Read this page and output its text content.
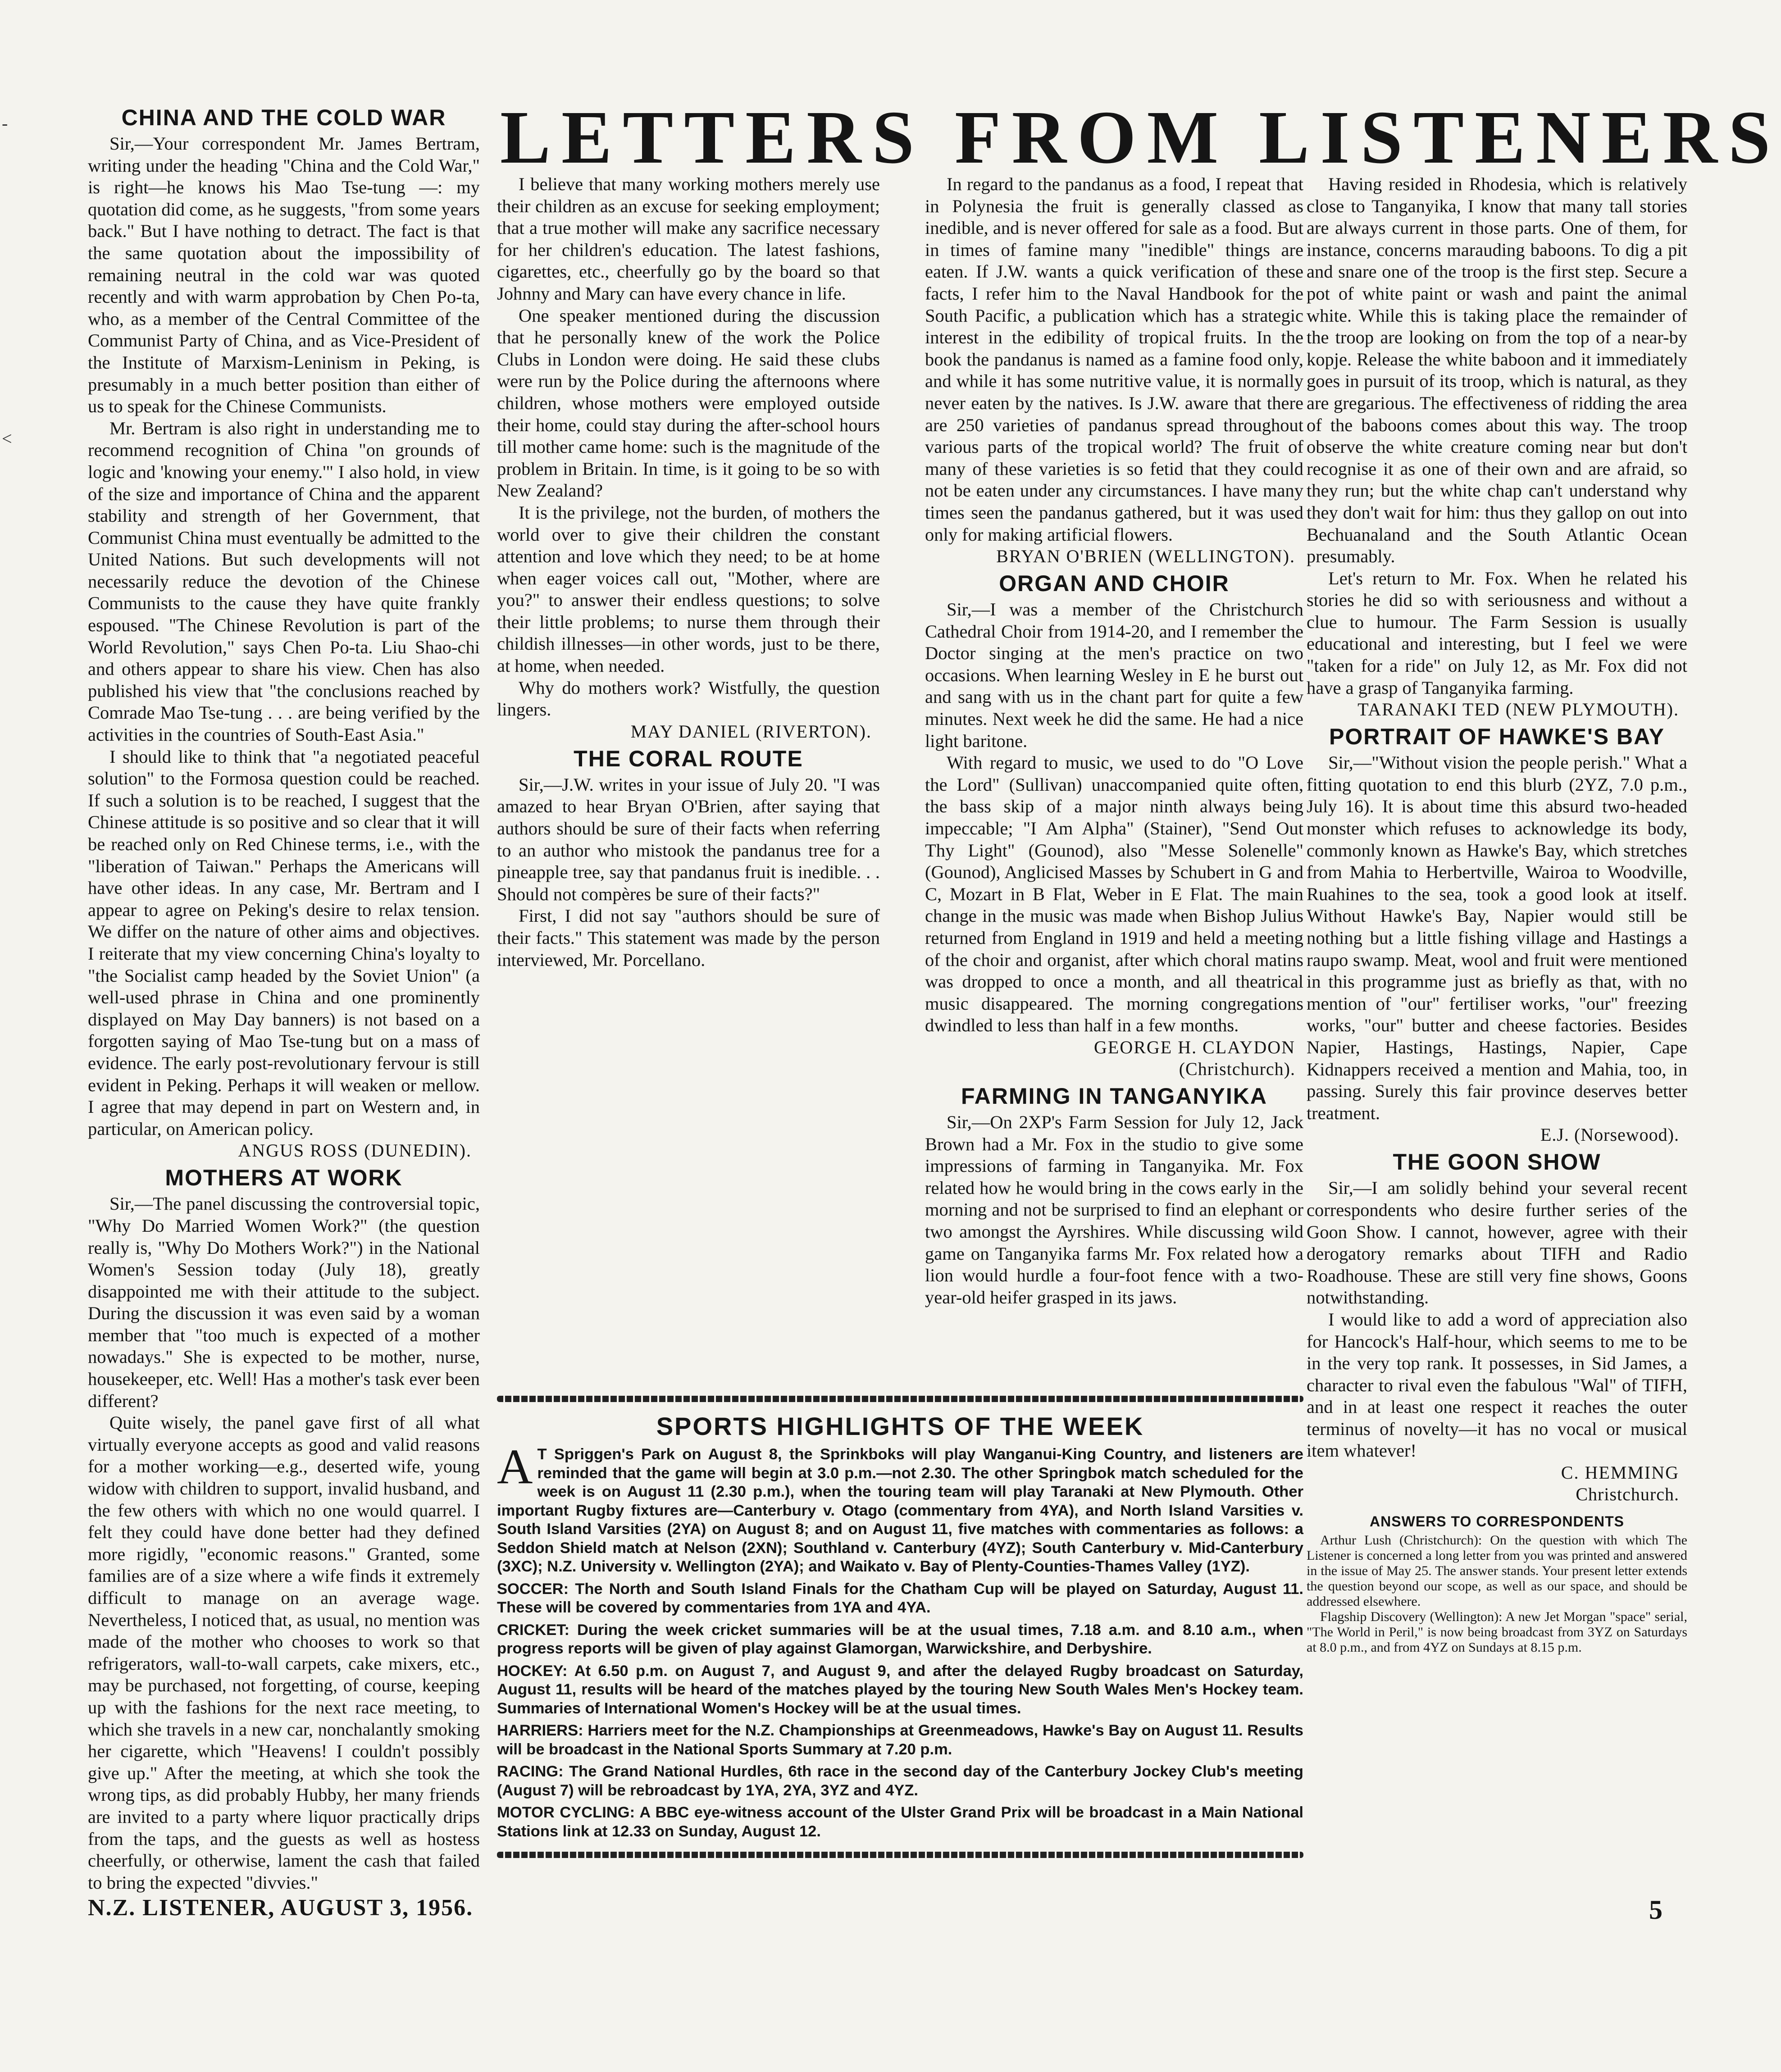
LETTERS FROM LISTENERS
CHINA AND THE COLD WAR

Sir,—Your correspondent Mr. James Bertram, writing under the heading "China and the Cold War," is right—he knows his Mao Tse-tung —: my quotation did come, as he suggests, "from some years back." But I have nothing to detract. The fact is that the same quotation about the impossibility of remaining neutral in the cold war was quoted recently and with warm approbation by Chen Po-ta, who, as a member of the Central Committee of the Communist Party of China, and as Vice-President of the Institute of Marxism-Leninism in Peking, is presumably in a much better position than either of us to speak for the Chinese Communists.

Mr. Bertram is also right in understanding me to recommend recognition of China "on grounds of logic and 'knowing your enemy.'" I also hold, in view of the size and importance of China and the apparent stability and strength of her Government, that Communist China must eventually be admitted to the United Nations. But such developments will not necessarily reduce the devotion of the Chinese Communists to the cause they have quite frankly espoused. "The Chinese Revolution is part of the World Revolution," says Chen Po-ta. Liu Shao-chi and others appear to share his view. Chen has also published his view that "the conclusions reached by Comrade Mao Tse-tung . . . are being verified by the activities in the countries of South-East Asia."

I should like to think that "a negotiated peaceful solution" to the Formosa question could be reached. If such a solution is to be reached, I suggest that the Chinese attitude is so positive and so clear that it will be reached only on Red Chinese terms, i.e., with the "liberation of Taiwan." Perhaps the Americans will have other ideas. In any case, Mr. Bertram and I appear to agree on Peking's desire to relax tension. We differ on the nature of other aims and objectives. I reiterate that my view concerning China's loyalty to "the Socialist camp headed by the Soviet Union" (a well-used phrase in China and one prominently displayed on May Day banners) is not based on a forgotten saying of Mao Tse-tung but on a mass of evidence. The early post-revolutionary fervour is still evident in Peking. Perhaps it will weaken or mellow. I agree that may depend in part on Western and, in particular, on American policy.

ANGUS ROSS (DUNEDIN).
MOTHERS AT WORK

Sir,—The panel discussing the controversial topic, "Why Do Married Women Work?" (the question really is, "Why Do Mothers Work?") in the National Women's Session today (July 18), greatly disappointed me with their attitude to the subject. During the discussion it was even said by a woman member that "too much is expected of a mother nowadays." She is expected to be mother, nurse, housekeeper, etc. Well! Has a mother's task ever been different?

Quite wisely, the panel gave first of all what virtually everyone accepts as good and valid reasons for a mother working—e.g., deserted wife, young widow with children to support, invalid husband, and the few others with which no one would quarrel. I felt they could have done better had they defined more rigidly, "economic reasons." Granted, some families are of a size where a wife finds it extremely difficult to manage on an average wage. Nevertheless, I noticed that, as usual, no mention was made of the mother who chooses to work so that refrigerators, wall-to-wall carpets, cake mixers, etc., may be purchased, not forgetting, of course, keeping up with the fashions for the next race meeting, to which she travels in a new car, nonchalantly smoking her cigarette, which "Heavens! I couldn't possibly give up." After the meeting, at which she took the wrong tips, as did probably Hubby, her many friends are invited to a party where liquor practically drips from the taps, and the guests as well as hostess cheerfully, or otherwise, lament the cash that failed to bring the expected "divvies."

I believe that many working mothers merely use their children as an excuse for seeking employment; that a true mother will make any sacrifice necessary for her children's education. The latest fashions, cigarettes, etc., cheerfully go by the board so that Johnny and Mary can have every chance in life.

One speaker mentioned during the discussion that he personally knew of the work the Police Clubs in London were doing. He said these clubs were run by the Police during the afternoons where children, whose mothers were employed outside their home, could stay during the after-school hours till mother came home: such is the magnitude of the problem in Britain. In time, is it going to be so with New Zealand?

It is the privilege, not the burden, of mothers the world over to give their children the constant attention and love which they need; to be at home when eager voices call out, "Mother, where are you?" to answer their endless questions; to solve their little problems; to nurse them through their childish illnesses—in other words, just to be there, at home, when needed.

Why do mothers work? Wistfully, the question lingers.

MAY DANIEL (RIVERTON).
THE CORAL ROUTE

Sir,—J.W. writes in your issue of July 20. "I was amazed to hear Bryan O'Brien, after saying that authors should be sure of their facts when referring to an author who mistook the pandanus tree for a pineapple tree, say that pandanus fruit is inedible. . . Should not compères be sure of their facts?"

First, I did not say "authors should be sure of their facts." This statement was made by the person interviewed, Mr. Porcellano.

In regard to the pandanus as a food, I repeat that in Polynesia the fruit is generally classed as inedible, and is never offered for sale as a food. But in times of famine many "inedible" things are eaten. If J.W. wants a quick verification of these facts, I refer him to the Naval Handbook for the South Pacific, a publication which has a strategic interest in the edibility of tropical fruits. In the book the pandanus is named as a famine food only, and while it has some nutritive value, it is normally never eaten by the natives. Is J.W. aware that there are 250 varieties of pandanus spread throughout various parts of the tropical world? The fruit of many of these varieties is so fetid that they could not be eaten under any circumstances. I have many times seen the pandanus gathered, but it was used only for making artificial flowers.

BRYAN O'BRIEN (WELLINGTON).
ORGAN AND CHOIR

Sir,—I was a member of the Christchurch Cathedral Choir from 1914-20, and I remember the Doctor singing at the men's practice on two occasions. When learning Wesley in E he burst out and sang with us in the chant part for quite a few minutes. Next week he did the same. He had a nice light baritone.

With regard to music, we used to do "O Love the Lord" (Sullivan) unaccompanied quite often, the bass skip of a major ninth always being impeccable; "I Am Alpha" (Stainer), "Send Out Thy Light" (Gounod), also "Messe Solenelle" (Gounod), Anglicised Masses by Schubert in G and C, Mozart in B Flat, Weber in E Flat. The main change in the music was made when Bishop Julius returned from England in 1919 and held a meeting of the choir and organist, after which choral matins was dropped to once a month, and all theatrical music disappeared. The morning congregations dwindled to less than half in a few months.

GEORGE H. CLAYDON
(Christchurch).
FARMING IN TANGANYIKA

Sir,—On 2XP's Farm Session for July 12, Jack Brown had a Mr. Fox in the studio to give some impressions of farming in Tanganyika. Mr. Fox related how he would bring in the cows early in the morning and not be surprised to find an elephant or two amongst the Ayrshires. While discussing wild game on Tanganyika farms Mr. Fox related how a lion would hurdle a four-foot fence with a two-year-old heifer grasped in its jaws.

Having resided in Rhodesia, which is relatively close to Tanganyika, I know that many tall stories are always current in those parts. One of them, for instance, concerns marauding baboons. To dig a pit and snare one of the troop is the first step. Secure a pot of white paint or wash and paint the animal white. While this is taking place the remainder of the troop are looking on from the top of a near-by kopje. Release the white baboon and it immediately goes in pursuit of its troop, which is natural, as they are gregarious. The effectiveness of ridding the area of the baboons comes about this way. The troop observe the white creature coming near but don't recognise it as one of their own and are afraid, so they run; but the white chap can't understand why they don't wait for him: thus they gallop on out into Bechuanaland and the South Atlantic Ocean presumably.

Let's return to Mr. Fox. When he related his stories he did so with seriousness and without a clue to humour. The Farm Session is usually educational and interesting, but I feel we were "taken for a ride" on July 12, as Mr. Fox did not have a grasp of Tanganyika farming.

TARANAKI TED (NEW PLYMOUTH).
PORTRAIT OF HAWKE'S BAY

Sir,—"Without vision the people perish." What a fitting quotation to end this blurb (2YZ, 7.0 p.m., July 16). It is about time this absurd two-headed monster which refuses to acknowledge its body, commonly known as Hawke's Bay, which stretches from Mahia to Herbertville, Wairoa to Woodville, Ruahines to the sea, took a good look at itself. Without Hawke's Bay, Napier would still be nothing but a little fishing village and Hastings a raupo swamp. Meat, wool and fruit were mentioned in this programme just as briefly as that, with no mention of "our" fertiliser works, "our" freezing works, "our" butter and cheese factories. Besides Napier, Hastings, Hastings, Napier, Cape Kidnappers received a mention and Mahia, too, in passing. Surely this fair province deserves better treatment.

E.J. (Norsewood).
THE GOON SHOW

Sir,—I am solidly behind your several recent correspondents who desire further series of the Goon Show. I cannot, however, agree with their derogatory remarks about TIFH and Radio Roadhouse. These are still very fine shows, Goons notwithstanding.

I would like to add a word of appreciation also for Hancock's Half-hour, which seems to me to be in the very top rank. It possesses, in Sid James, a character to rival even the fabulous "Wal" of TIFH, and in at least one respect it reaches the outer terminus of novelty—it has no vocal or musical item whatever!

C. HEMMING
Christchurch.
ANSWERS TO CORRESPONDENTS

Arthur Lush (Christchurch): On the question with which The Listener is concerned a long letter from you was printed and answered in the issue of May 25. The answer stands. Your present letter extends the question beyond our scope, as well as our space, and should be addressed elsewhere.

Flagship Discovery (Wellington): A new Jet Morgan "space" serial, "The World in Peril," is now being broadcast from 3YZ on Saturdays at 8.0 p.m., and from 4YZ on Sundays at 8.15 p.m.

SPORTS HIGHLIGHTS OF THE WEEK

A T Spriggen's Park on August 8, the Sprinkboks will play Wanganui-King Country, and listeners are reminded that the game will begin at 3.0 p.m.—not 2.30. The other Springbok match scheduled for the week is on August 11 (2.30 p.m.), when the touring team will play Taranaki at New Plymouth. Other important Rugby fixtures are—Canterbury v. Otago (commentary from 4YA), and North Island Varsities v. South Island Varsities (2YA) on August 8; and on August 11, five matches with commentaries as follows: a Seddon Shield match at Nelson (2XN); Southland v. Canterbury (4YZ); South Canterbury v. Mid-Canterbury (3XC); N.Z. University v. Wellington (2YA); and Waikato v. Bay of Plenty-Counties-Thames Valley (1YZ).

SOCCER: The North and South Island Finals for the Chatham Cup will be played on Saturday, August 11. These will be covered by commentaries from 1YA and 4YA.

CRICKET: During the week cricket summaries will be at the usual times, 7.18 a.m. and 8.10 a.m., when progress reports will be given of play against Glamorgan, Warwickshire, and Derbyshire.

HOCKEY: At 6.50 p.m. on August 7, and August 9, and after the delayed Rugby broadcast on Saturday, August 11, results will be heard of the matches played by the touring New South Wales Men's Hockey team. Summaries of International Women's Hockey will be at the usual times.

HARRIERS: Harriers meet for the N.Z. Championships at Greenmeadows, Hawke's Bay on August 11. Results will be broadcast in the National Sports Summary at 7.20 p.m.

RACING: The Grand National Hurdles, 6th race in the second day of the Canterbury Jockey Club's meeting (August 7) will be rebroadcast by 1YA, 2YA, 3YZ and 4YZ.

MOTOR CYCLING: A BBC eye-witness account of the Ulster Grand Prix will be broadcast in a Main National Stations link at 12.33 on Sunday, August 12.

N.Z. LISTENER, AUGUST 3, 1956.	5
-
<
